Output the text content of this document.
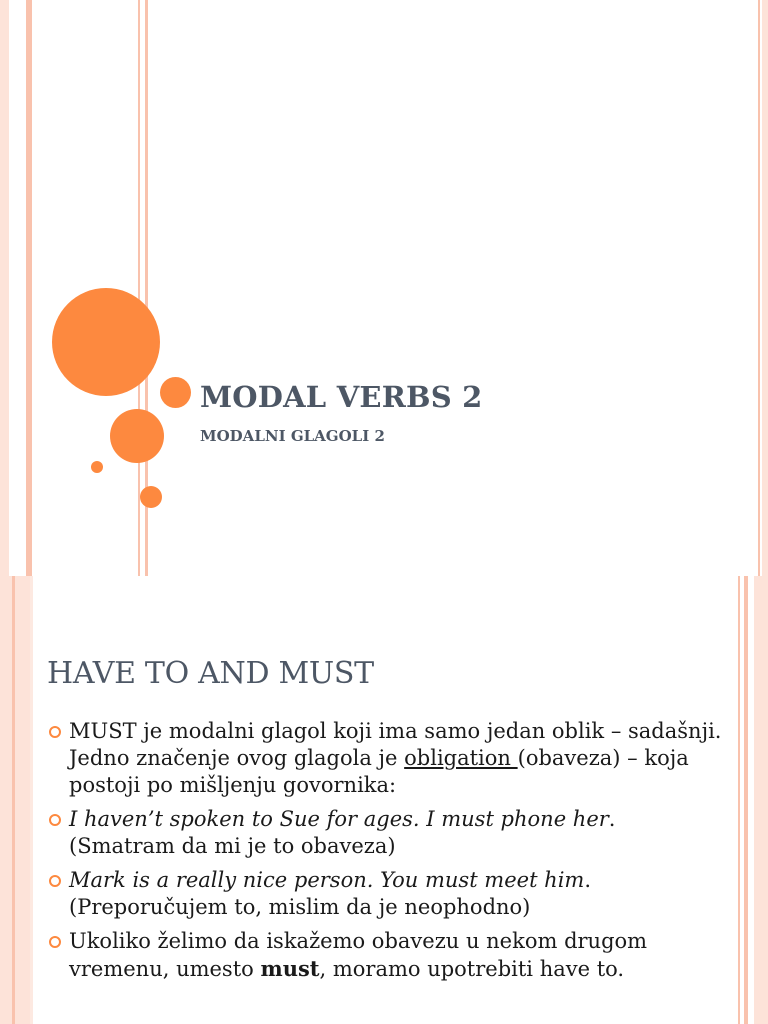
MODAL VERBS 2
MODALNI GLAGOLI 2
HAVE TO AND MUST

MUST je modalni glagol koji ima samo jedan oblik – sadašnji. Jedno značenje ovog glagola je obligation (obaveza) – koja postoji po mišljenju govornika:

I haven’t spoken to Sue for ages. I must phone her.
(Smatram da mi je to obaveza)

Mark is a really nice person. You must meet him.
(Preporučujem to, mislim da je neophodno)

Ukoliko želimo da iskažemo obavezu u nekom drugom vremenu, umesto must, moramo upotrebiti have to.
